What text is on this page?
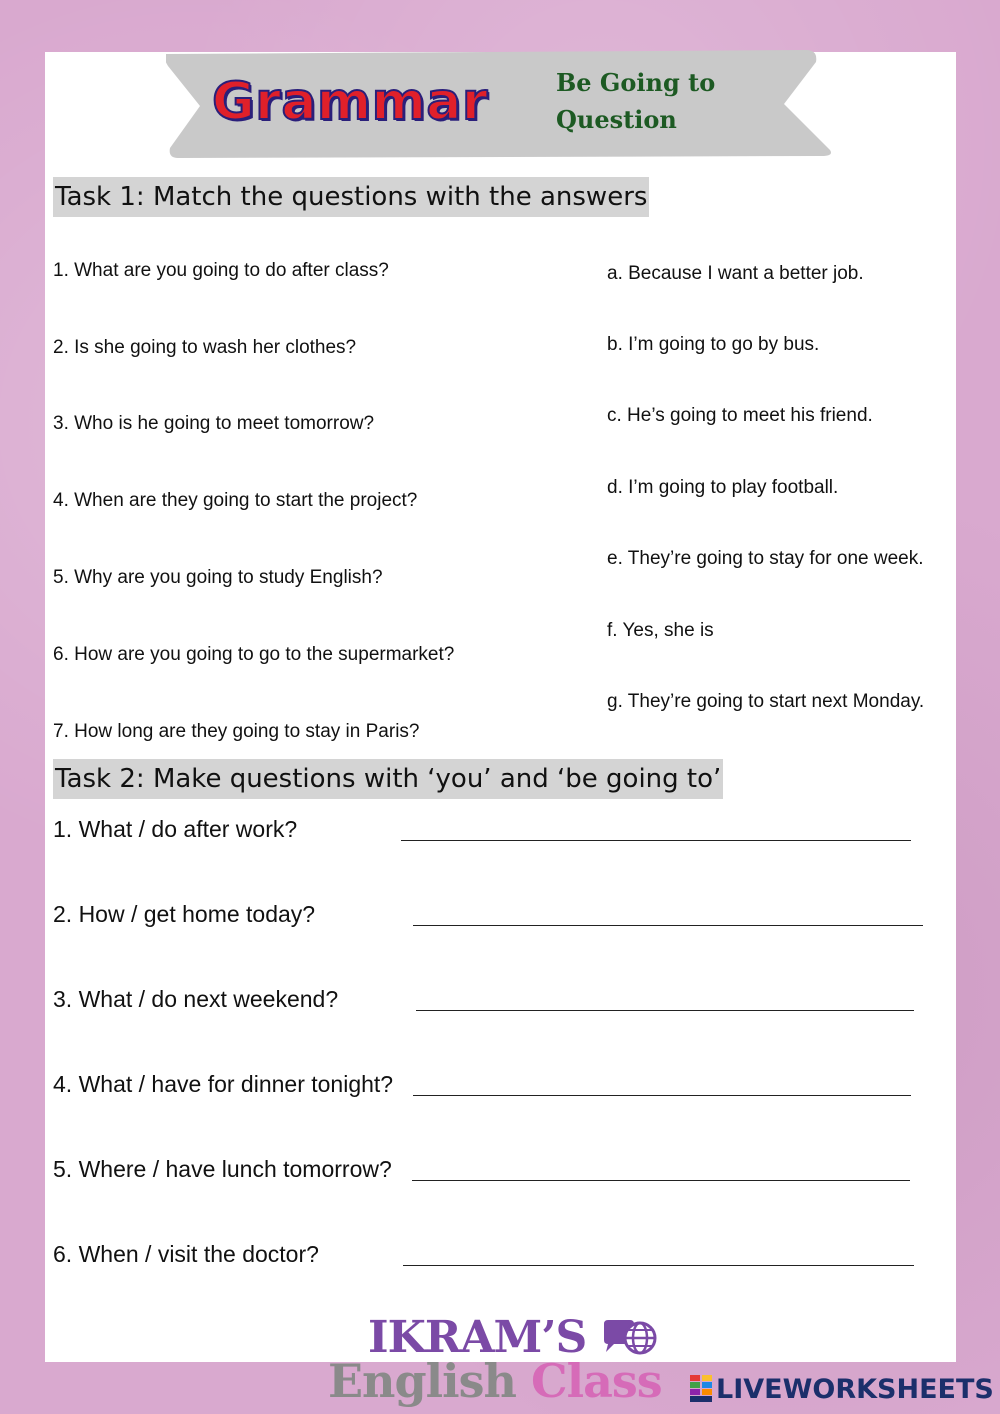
Grammar	Be Going to
Question
Task 1: Match the questions with the answers
1. What are you going to do after class?
2. Is she going to wash her clothes?
3. Who is he going to meet tomorrow?
4. When are they going to start the project?
5. Why are you going to study English?
6. How are you going to go to the supermarket?
7. How long are they going to stay in Paris?
a. Because I want a better job.
b. I’m going to go by bus.
c. He’s going to meet his friend.
d. I’m going to play football.
e. They’re going to stay for one week.
f. Yes, she is
g. They’re going to start next Monday.
Task 2: Make questions with ‘you’ and ‘be going to’
1. What / do after work?
2. How / get home today?
3. What / do next weekend?
4. What / have for dinner tonight?
5. Where / have lunch tomorrow?
6. When / visit the doctor?
IKRAM’S
English Class LIVEWORKSHEETS
